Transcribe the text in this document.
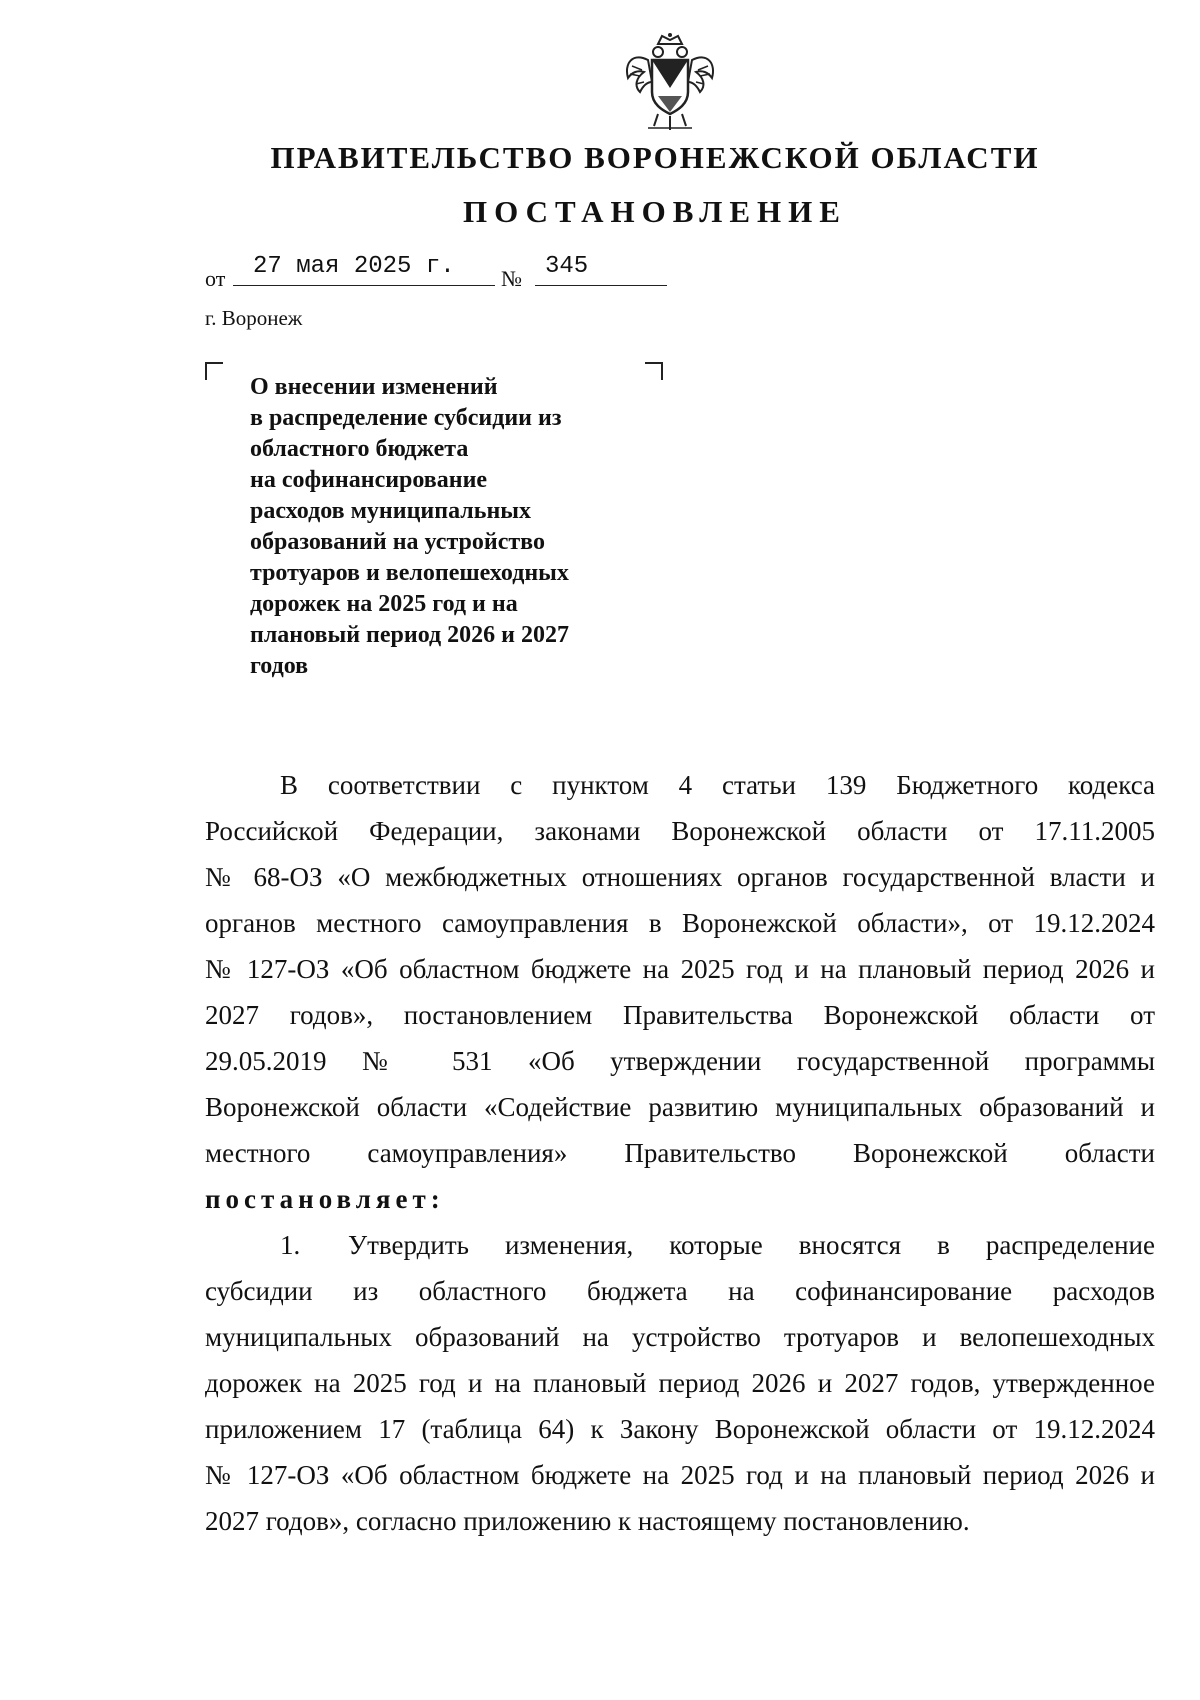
ПРАВИТЕЛЬСТВО ВОРОНЕЖСКОЙ ОБЛАСТИ
ПОСТАНОВЛЕНИЕ
от 27 мая 2025 г. № 345
г. Воронеж
О внесении изменений
в распределение субсидии из
областного бюджета
на софинансирование
расходов муниципальных
образований на устройство
тротуаров и велопешеходных
дорожек на 2025 год и на
плановый период 2026 и 2027
годов
В соответствии с пунктом 4 статьи 139 Бюджетного кодекса
Российской Федерации, законами Воронежской области от 17.11.2005
№ 68-ОЗ «О межбюджетных отношениях органов государственной власти и
органов местного самоуправления в Воронежской области», от 19.12.2024
№ 127-ОЗ «Об областном бюджете на 2025 год и на плановый период 2026 и
2027 годов», постановлением Правительства Воронежской области от
29.05.2019 № 531 «Об утверждении государственной программы
Воронежской области «Содействие развитию муниципальных образований и
местного самоуправления» Правительство Воронежской области
постановляет:
1. Утвердить изменения, которые вносятся в распределение
субсидии из областного бюджета на софинансирование расходов
муниципальных образований на устройство тротуаров и велопешеходных
дорожек на 2025 год и на плановый период 2026 и 2027 годов, утвержденное
приложением 17 (таблица 64) к Закону Воронежской области от 19.12.2024
№ 127-ОЗ «Об областном бюджете на 2025 год и на плановый период 2026 и
2027 годов», согласно приложению к настоящему постановлению.
